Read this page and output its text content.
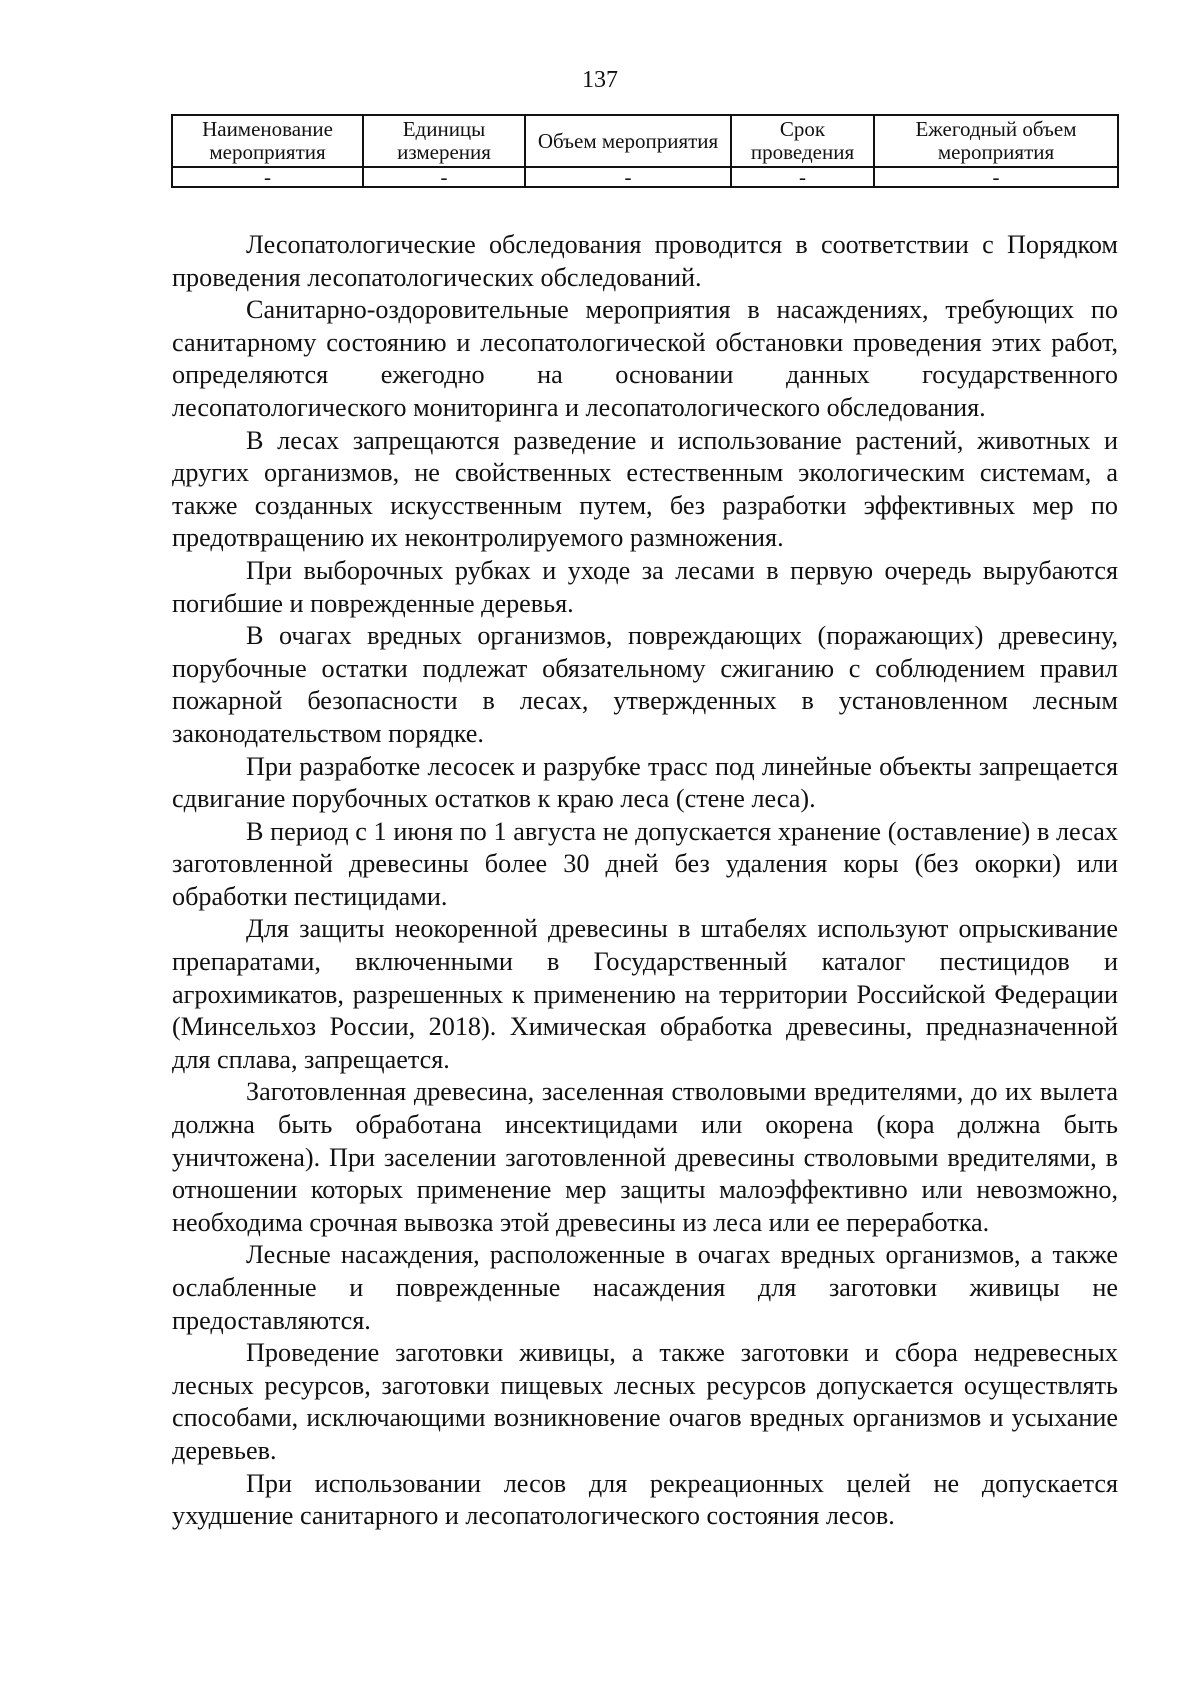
137
Наименование мероприятия	Единицы измерения	Объем мероприятия	Срок проведения	Ежегодный объем мероприятия
-	-	-	-	-

Лесопатологические обследования проводится в соответствии с Порядком проведения лесопатологических обследований.

Санитарно-оздоровительные мероприятия в насаждениях, требующих по санитарному состоянию и лесопатологической обстановки проведения этих работ, определяются ежегодно на основании данных государственного лесопатологического мониторинга и лесопатологического обследования.

В лесах запрещаются разведение и использование растений, животных и других организмов, не свойственных естественным экологическим системам, а также созданных искусственным путем, без разработки эффективных мер по предотвращению их неконтролируемого размножения.

При выборочных рубках и уходе за лесами в первую очередь вырубаются погибшие и поврежденные деревья.

В очагах вредных организмов, повреждающих (поражающих) древесину, порубочные остатки подлежат обязательному сжиганию с соблюдением правил пожарной безопасности в лесах, утвержденных в установленном лесным законодательством порядке.

При разработке лесосек и разрубке трасс под линейные объекты запрещается сдвигание порубочных остатков к краю леса (стене леса).

В период с 1 июня по 1 августа не допускается хранение (оставление) в лесах заготовленной древесины более 30 дней без удаления коры (без окорки) или обработки пестицидами.

Для защиты неокоренной древесины в штабелях используют опрыскивание препаратами, включенными в Государственный каталог пестицидов и агрохимикатов, разрешенных к применению на территории Российской Федерации (Минсельхоз России, 2018). Химическая обработка древесины, предназначенной для сплава, запрещается.

Заготовленная древесина, заселенная стволовыми вредителями, до их вылета должна быть обработана инсектицидами или окорена (кора должна быть уничтожена). При заселении заготовленной древесины стволовыми вредителями, в отношении которых применение мер защиты малоэффективно или невозможно, необходима срочная вывозка этой древесины из леса или ее переработка.

Лесные насаждения, расположенные в очагах вредных организмов, а также ослабленные и поврежденные насаждения для заготовки живицы не предоставляются.

Проведение заготовки живицы, а также заготовки и сбора недревесных лесных ресурсов, заготовки пищевых лесных ресурсов допускается осуществлять способами, исключающими возникновение очагов вредных организмов и усыхание деревьев.

При использовании лесов для рекреационных целей не допускается ухудшение санитарного и лесопатологического состояния лесов.
